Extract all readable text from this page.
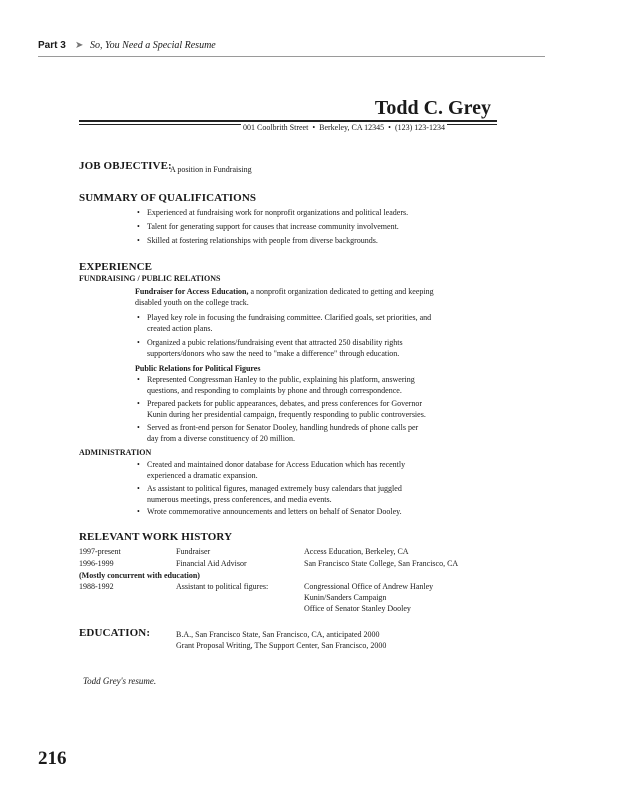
Part 3 ➤ So, You Need a Special Resume
Todd C. Grey
001 Coolbrith Street  •  Berkeley, CA 12345  •  (123) 123-1234
JOB OBJECTIVE:
A position in Fundraising
SUMMARY OF QUALIFICATIONS
• Experienced at fundraising work for nonprofit organizations and political leaders.
• Talent for generating support for causes that increase community involvement.
• Skilled at fostering relationships with people from diverse backgrounds.
EXPERIENCE
FUNDRAISING / PUBLIC RELATIONS
Fundraiser for Access Education, a nonprofit organization dedicated to getting and keeping
disabled youth on the college track.
• Played key role in focusing the fundraising committee. Clarified goals, set priorities, and
created action plans.
• Organized a pubic relations/fundraising event that attracted 250 disability rights
supporters/donors who saw the need to "make a difference" through education.
Public Relations for Political Figures
• Represented Congressman Hanley to the public, explaining his platform, answering
questions, and responding to complaints by phone and through correspondence.
• Prepared packets for public appearances, debates, and press conferences for Governor
Kunin during her presidential campaign, frequently responding to public controversies.
• Served as front-end person for Senator Dooley, handling hundreds of phone calls per
day from a diverse constituency of 20 million.
ADMINISTRATION
• Created and maintained donor database for Access Education which has recently
experienced a dramatic expansion.
• As assistant to political figures, managed extremely busy calendars that juggled
numerous meetings, press conferences, and media events.
• Wrote commemorative announcements and letters on behalf of Senator Dooley.
RELEVANT WORK HISTORY
1997-present	Fundraiser	Access Education, Berkeley, CA
1996-1999	Financial Aid Advisor	San Francisco State College, San Francisco, CA
(Mostly concurrent with education)
1988-1992	Assistant to political figures:	Congressional Office of Andrew Hanley
Kunin/Sanders Campaign
Office of Senator Stanley Dooley
EDUCATION:	B.A., San Francisco State, San Francisco, CA, anticipated 2000
Grant Proposal Writing, The Support Center, San Francisco, 2000
Todd Grey's resume.
216
